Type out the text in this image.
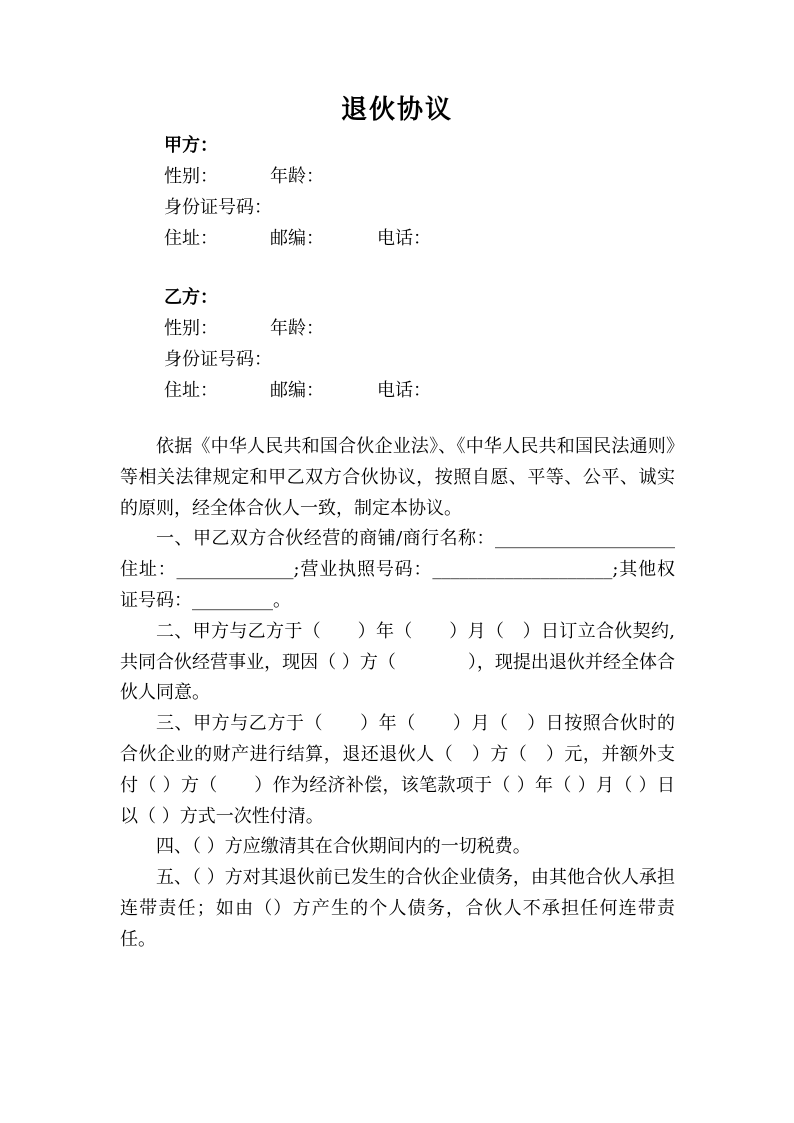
退伙协议
甲方：
性别：	年龄：
身份证号码：
住址：	邮编：	电话：
乙方：
性别：	年龄：
身份证号码：
住址：	邮编：	电话：

依据《中华人民共和国合伙企业法》、《中华人民共和国民法通则》等相关法律规定和甲乙双方合伙协议，按照自愿、平等、公平、诚实的原则，经全体合伙人一致，制定本协议。

一、甲乙双方合伙经营的商铺/商行名称：____________________住址：_____________;营业执照号码：____________________;其他权证号码：_________。

二、甲方与乙方于（　　）年（　　）月（　）日订立合伙契约,共同合伙经营事业，现因（ ）方（　　　　），现提出退伙并经全体合伙人同意。

三、甲方与乙方于（　　）年（　　）月（　）日按照合伙时的合伙企业的财产进行结算，退还退伙人（　）方（　）元，并额外支付（ ）方（　　）作为经济补偿，该笔款项于（ ）年（ ）月（ ）日以（ ）方式一次性付清。

四、（ ）方应缴清其在合伙期间内的一切税费。

五、（ ）方对其退伙前已发生的合伙企业债务，由其他合伙人承担连带责任；如由（）方产生的个人债务，合伙人不承担任何连带责任。
